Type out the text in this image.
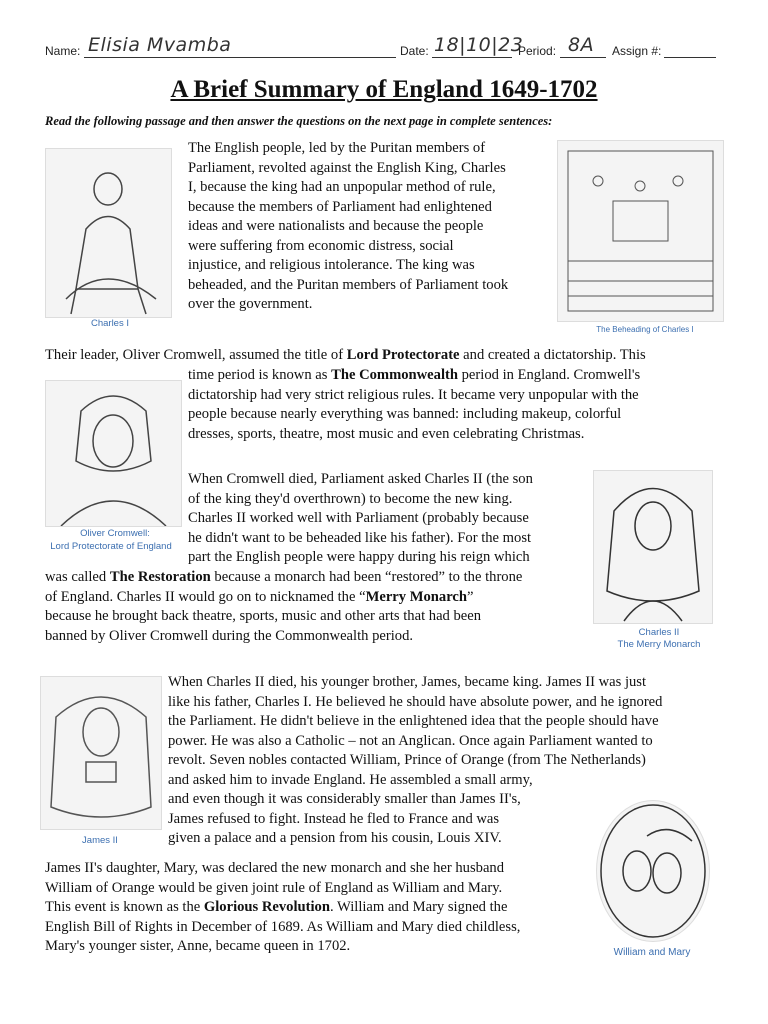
Name: Elisia Mvamba	Date: 18|10|23
Period: 8A Assign #:
A Brief Summary of England 1649-1702
Read the following passage and then answer the questions on the next page in complete sentences:
Charles I
The Beheading of Charles I
Oliver Cromwell:
Lord Protectorate of England
Charles II
The Merry Monarch
James II
William and Mary
The English people, led by the Puritan members of
Parliament, revolted against the English King, Charles
I, because the king had an unpopular method of rule,
because the members of Parliament had enlightened
ideas and were nationalists and because the people
were suffering from economic distress, social
injustice, and religious intolerance. The king was
beheaded, and the Puritan members of Parliament took
over the government.
Their leader, Oliver Cromwell, assumed the title of Lord Protectorate and created a dictatorship. This
time period is known as The Commonwealth period in England. Cromwell's
dictatorship had very strict religious rules. It became very unpopular with the
people because nearly everything was banned: including makeup, colorful
dresses, sports, theatre, most music and even celebrating Christmas.
When Cromwell died, Parliament asked Charles II (the son
of the king they'd overthrown) to become the new king.
Charles II worked well with Parliament (probably because
he didn't want to be beheaded like his father). For the most
part the English people were happy during his reign which
was called The Restoration because a monarch had been “restored” to the throne
of England. Charles II would go on to nicknamed the “Merry Monarch”
because he brought back theatre, sports, music and other arts that had been
banned by Oliver Cromwell during the Commonwealth period.
When Charles II died, his younger brother, James, became king. James II was just
like his father, Charles I. He believed he should have absolute power, and he ignored
the Parliament. He didn't believe in the enlightened idea that the people should have
power. He was also a Catholic – not an Anglican. Once again Parliament wanted to
revolt. Seven nobles contacted William, Prince of Orange (from The Netherlands)
and asked him to invade England. He assembled a small army,
and even though it was considerably smaller than James II's,
James refused to fight. Instead he fled to France and was
given a palace and a pension from his cousin, Louis XIV.
James II's daughter, Mary, was declared the new monarch and she her husband
William of Orange would be given joint rule of England as William and Mary.
This event is known as the Glorious Revolution. William and Mary signed the
English Bill of Rights in December of 1689. As William and Mary died childless,
Mary's younger sister, Anne, became queen in 1702.
